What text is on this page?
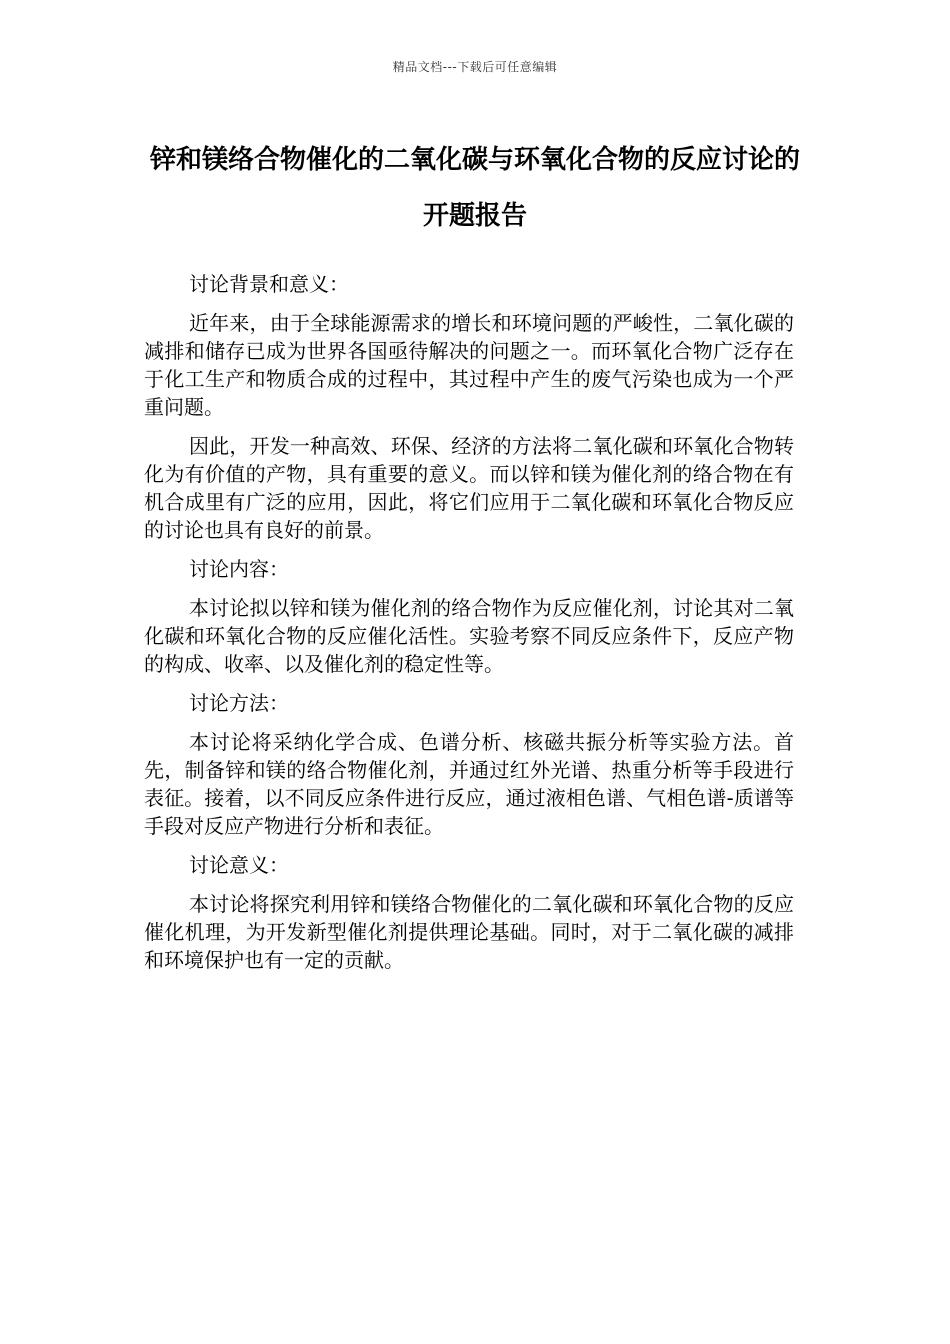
精品文档---下载后可任意编辑
锌和镁络合物催化的二氧化碳与环氧化合物的反应讨论的开题报告

讨论背景和意义：

近年来，由于全球能源需求的增长和环境问题的严峻性，二氧化碳的减排和储存已成为世界各国亟待解决的问题之一。而环氧化合物广泛存在于化工生产和物质合成的过程中，其过程中产生的废气污染也成为一个严重问题。

因此，开发一种高效、环保、经济的方法将二氧化碳和环氧化合物转化为有价值的产物，具有重要的意义。而以锌和镁为催化剂的络合物在有机合成里有广泛的应用，因此，将它们应用于二氧化碳和环氧化合物反应的讨论也具有良好的前景。

讨论内容：

本讨论拟以锌和镁为催化剂的络合物作为反应催化剂，讨论其对二氧化碳和环氧化合物的反应催化活性。实验考察不同反应条件下，反应产物的构成、收率、以及催化剂的稳定性等。

讨论方法：

本讨论将采纳化学合成、色谱分析、核磁共振分析等实验方法。首先，制备锌和镁的络合物催化剂，并通过红外光谱、热重分析等手段进行表征。接着，以不同反应条件进行反应，通过液相色谱、气相色谱-质谱等手段对反应产物进行分析和表征。

讨论意义：

本讨论将探究利用锌和镁络合物催化的二氧化碳和环氧化合物的反应催化机理，为开发新型催化剂提供理论基础。同时，对于二氧化碳的减排和环境保护也有一定的贡献。
